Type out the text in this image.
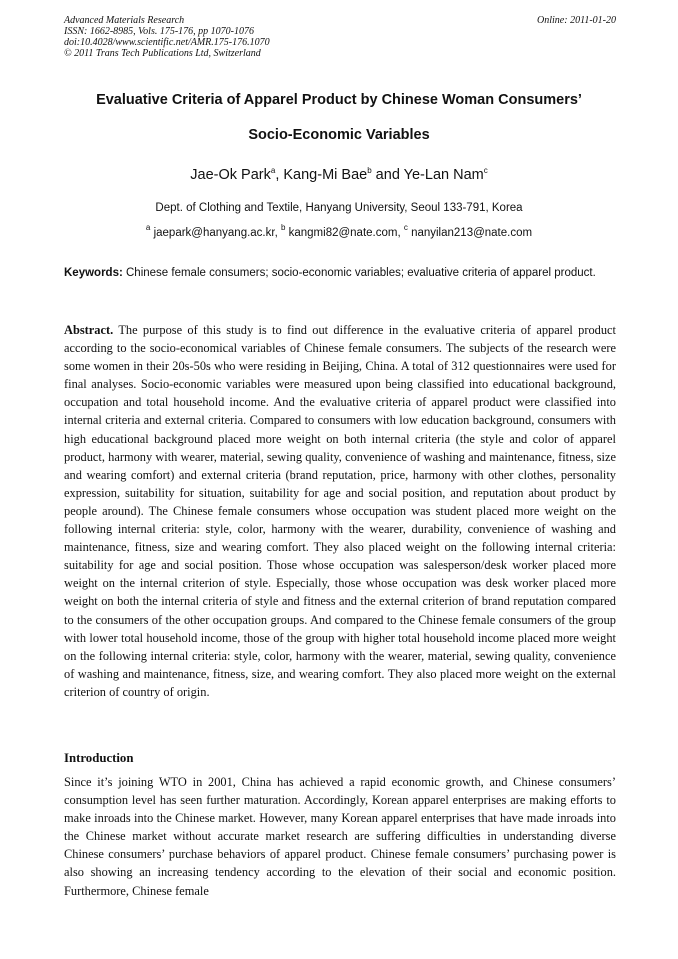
Advanced Materials Research
ISSN: 1662-8985, Vols. 175-176, pp 1070-1076
doi:10.4028/www.scientific.net/AMR.175-176.1070
© 2011 Trans Tech Publications Ltd, Switzerland
Online: 2011-01-20
Evaluative Criteria of Apparel Product by Chinese Woman Consumers’
Socio-Economic Variables
Jae-Ok Park$^a$, Kang-Mi Bae$^b$ and Ye-Lan Nam$^c$
Dept. of Clothing and Textile, Hanyang University, Seoul 133-791, Korea
$^a$ jaepark@hanyang.ac.kr, $^b$ kangmi82@nate.com, $^c$ nanyilan213@nate.com
Keywords: Chinese female consumers; socio-economic variables; evaluative criteria of apparel product.
Abstract. The purpose of this study is to find out difference in the evaluative criteria of apparel product according to the socio-economical variables of Chinese female consumers. The subjects of the research were some women in their 20s-50s who were residing in Beijing, China. A total of 312 questionnaires were used for final analyses. Socio-economic variables were measured upon being classified into educational background, occupation and total household income. And the evaluative criteria of apparel product were classified into internal criteria and external criteria. Compared to consumers with low education background, consumers with high educational background placed more weight on both internal criteria (the style and color of apparel product, harmony with wearer, material, sewing quality, convenience of washing and maintenance, fitness, size and wearing comfort) and external criteria (brand reputation, price, harmony with other clothes, personality expression, suitability for situation, suitability for age and social position, and reputation about product by people around). The Chinese female consumers whose occupation was student placed more weight on the following internal criteria: style, color, harmony with the wearer, durability, convenience of washing and maintenance, fitness, size and wearing comfort. They also placed weight on the following internal criteria: suitability for age and social position. Those whose occupation was salesperson/desk worker placed more weight on the internal criterion of style. Especially, those whose occupation was desk worker placed more weight on both the internal criteria of style and fitness and the external criterion of brand reputation compared to the consumers of the other occupation groups. And compared to the Chinese female consumers of the group with lower total household income, those of the group with higher total household income placed more weight on the following internal criteria: style, color, harmony with the wearer, material, sewing quality, convenience of washing and maintenance, fitness, size, and wearing comfort. They also placed more weight on the external criterion of country of origin.
Introduction
Since it’s joining WTO in 2001, China has achieved a rapid economic growth, and Chinese consumers’ consumption level has seen further maturation. Accordingly, Korean apparel enterprises are making efforts to make inroads into the Chinese market. However, many Korean apparel enterprises that have made inroads into the Chinese market without accurate market research are suffering difficulties in understanding diverse Chinese consumers’ purchase behaviors of apparel product. Chinese female consumers’ purchasing power is also showing an increasing tendency according to the elevation of their social and economic position. Furthermore, Chinese female
